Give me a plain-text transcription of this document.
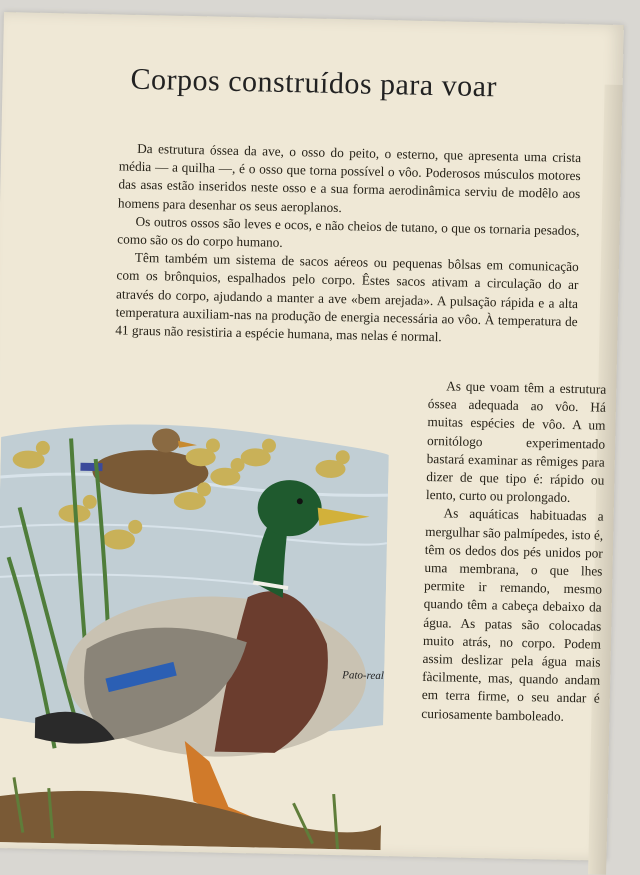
Corpos construídos para voar

Da estrutura óssea da ave, o osso do peito, o esterno, que apresenta uma crista média — a quilha —, é o osso que torna possível o vôo. Poderosos músculos motores das asas estão inseridos neste osso e a sua forma aerodinâmica serviu de modêlo aos homens para desenhar os seus aeroplanos.

Os outros ossos são leves e ocos, e não cheios de tutano, o que os tornaria pesados, como são os do corpo humano.

Têm também um sistema de sacos aéreos ou pequenas bôlsas em comunicação com os brônquios, espalhados pelo corpo. Êstes sacos ativam a circulação do ar através do corpo, ajudando a manter a ave «bem arejada». A pulsação rápida e a alta temperatura auxiliam-nas na produção de energia necessária ao vôo. À temperatura de 41 graus não resistiria a espécie humana, mas nelas é normal.

As que voam têm a estrutura óssea adequada ao vôo. Há muitas espécies de vôo. A um ornitólogo experimentado bastará examinar as rêmiges para dizer de que tipo é: rápido ou lento, curto ou prolongado.

As aquáticas habituadas a mergulhar são palmípedes, isto é, têm os dedos dos pés unidos por uma membrana, o que lhes permite ir remando, mesmo quando têm a cabeça debaixo da água. As patas são colocadas muito atrás, no corpo. Podem assim deslizar pela água mais fàcilmente, mas, quando andam em terra firme, o seu andar é curiosamente bamboleado.

Pato-real
